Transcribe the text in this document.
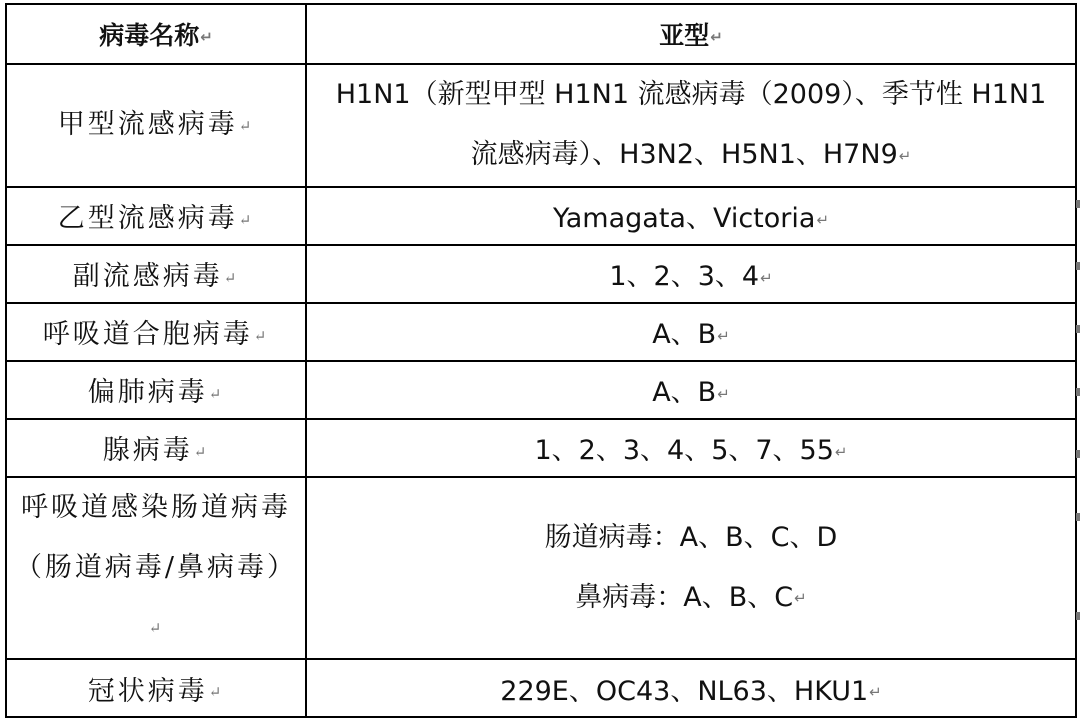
病毒名称↵	亚型↵

甲型流感病毒↵	H1N1（新型甲型 H1N1 流感病毒（2009）、季节性 H1N1
流感病毒）、H3N2、H5N1、H7N9↵

乙型流感病毒↵	Yamagata、Victoria↵
副流感病毒↵	1、2、3、4↵
呼吸道合胞病毒↵	A、B↵
偏肺病毒↵	A、B↵
腺病毒↵	1、2、3、4、5、7、55↵

呼吸道感染肠道病毒
（肠道病毒/鼻病毒）↵	肠道病毒：A、B、C、D
鼻病毒：A、B、C↵

冠状病毒↵	229E、OC43、NL63、HKU1↵
